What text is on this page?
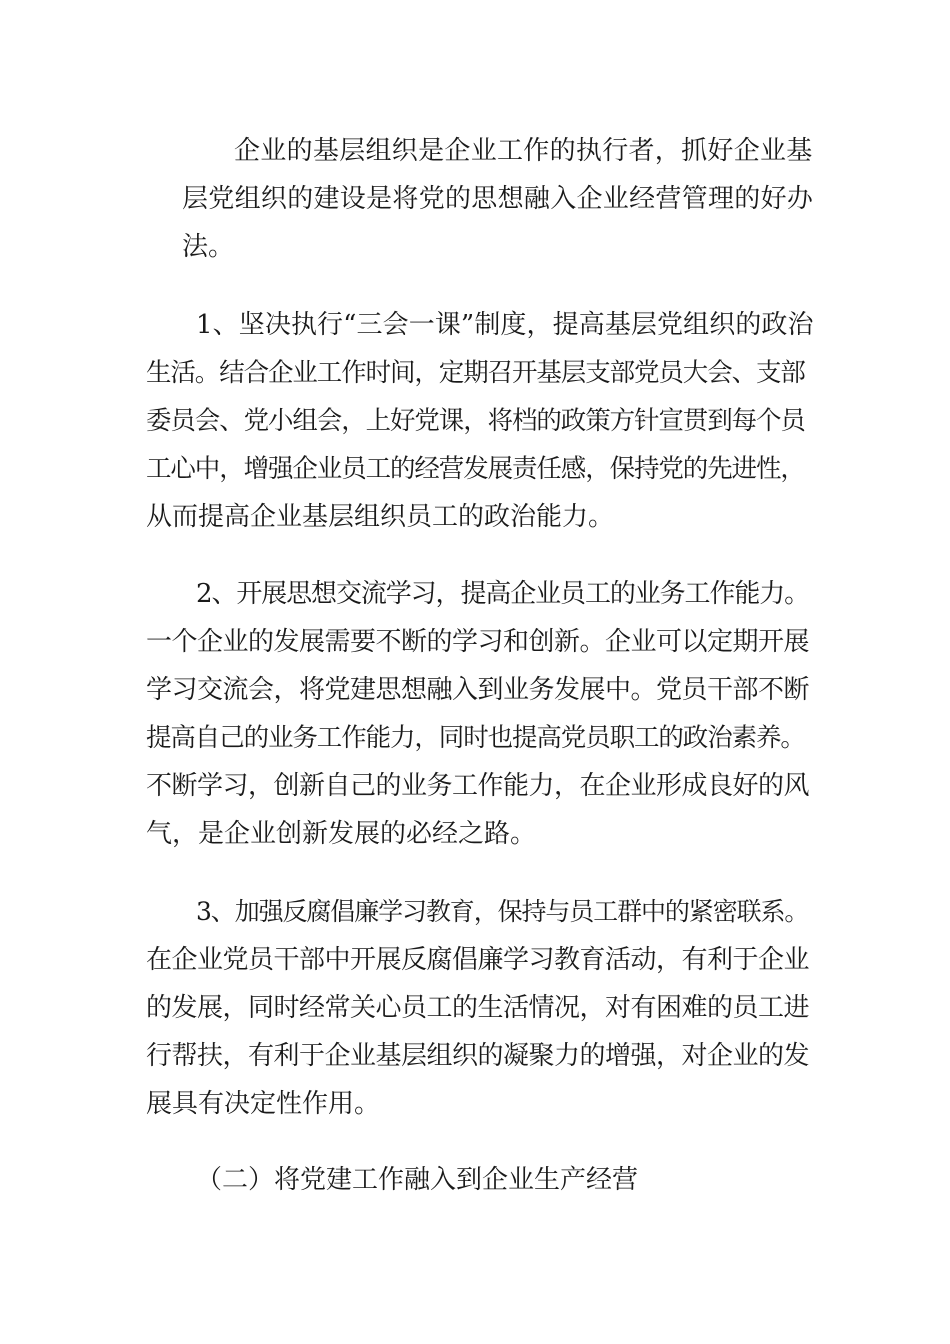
企业的基层组织是企业工作的执行者，抓好企业基
层党组织的建设是将党的思想融入企业经营管理的好办
法。
1、坚决执行“三会一课”制度，提高基层党组织的政治
生活。结合企业工作时间，定期召开基层支部党员大会、支部
委员会、党小组会，上好党课，将档的政策方针宣贯到每个员
工心中，增强企业员工的经营发展责任感，保持党的先进性，
从而提高企业基层组织员工的政治能力。
2、开展思想交流学习，提高企业员工的业务工作能力。
一个企业的发展需要不断的学习和创新。企业可以定期开展
学习交流会，将党建思想融入到业务发展中。党员干部不断
提高自己的业务工作能力，同时也提高党员职工的政治素养。
不断学习，创新自己的业务工作能力，在企业形成良好的风
气，是企业创新发展的必经之路。
3、加强反腐倡廉学习教育，保持与员工群中的紧密联系。
在企业党员干部中开展反腐倡廉学习教育活动，有利于企业
的发展，同时经常关心员工的生活情况，对有困难的员工进
行帮扶，有利于企业基层组织的凝聚力的增强，对企业的发
展具有决定性作用。
（二）将党建工作融入到企业生产经营
